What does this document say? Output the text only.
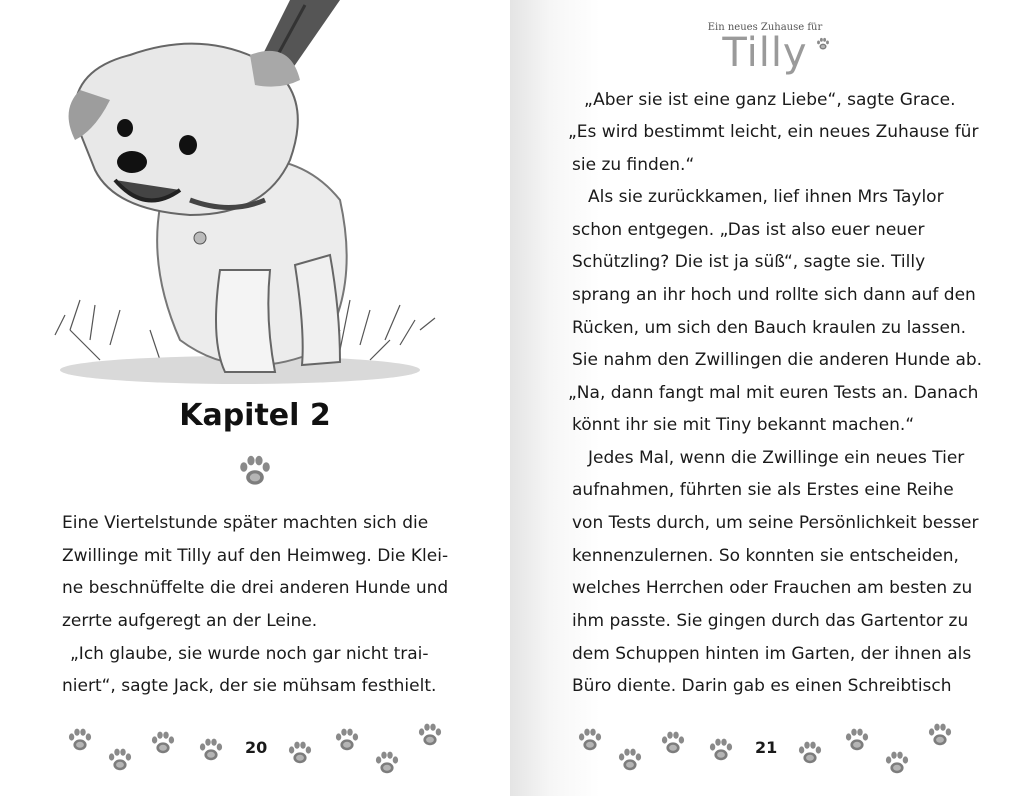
Kapitel 2
Eine Viertelstunde später machten sich die
Zwillinge mit Tilly auf den Heimweg. Die Klei-
ne beschnüffelte die drei anderen Hunde und
zerrte aufgeregt an der Leine.
„Ich glaube, sie wurde noch gar nicht trai-
niert“, sagte Jack, der sie mühsam festhielt.
20
Ein neues Zuhause für
Tilly
„Aber sie ist eine ganz Liebe“, sagte Grace.
„Es wird bestimmt leicht, ein neues Zuhause für
sie zu finden.“
Als sie zurückkamen, lief ihnen Mrs Taylor
schon entgegen. „Das ist also euer neuer
Schützling? Die ist ja süß“, sagte sie. Tilly
sprang an ihr hoch und rollte sich dann auf den
Rücken, um sich den Bauch kraulen zu lassen.
Sie nahm den Zwillingen die anderen Hunde ab.
„Na, dann fangt mal mit euren Tests an. Danach
könnt ihr sie mit Tiny bekannt machen.“
Jedes Mal, wenn die Zwillinge ein neues Tier
aufnahmen, führten sie als Erstes eine Reihe
von Tests durch, um seine Persönlichkeit besser
kennenzulernen. So konnten sie entscheiden,
welches Herrchen oder Frauchen am besten zu
ihm passte. Sie gingen durch das Gartentor zu
dem Schuppen hinten im Garten, der ihnen als
Büro diente. Darin gab es einen Schreibtisch
21
